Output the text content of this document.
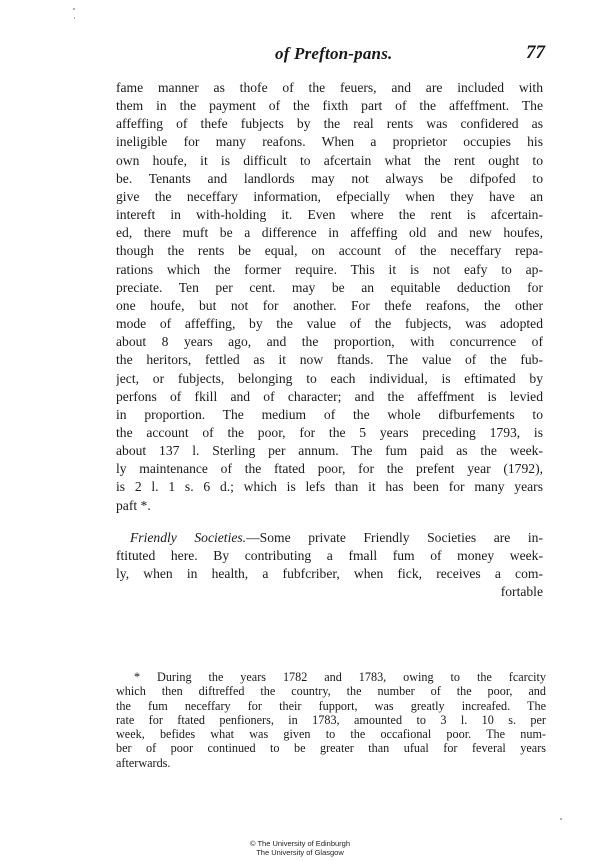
of Prefton-pans.	77
fame manner as thofe of the feuers, and are included with
them in the payment of the fixth part of the affeffment. The
affeffing of thefe fubjects by the real rents was confidered as
ineligible for many reafons. When a proprietor occupies his
own houfe, it is difficult to afcertain what the rent ought to
be. Tenants and landlords may not always be difpofed to
give the neceffary information, efpecially when they have an
intereft in with-holding it. Even where the rent is afcertain-
ed, there muft be a difference in affeffing old and new houfes,
though the rents be equal, on account of the neceffary repa-
rations which the former require. This it is not eafy to ap-
preciate. Ten per cent. may be an equitable deduction for
one houfe, but not for another. For thefe reafons, the other
mode of affeffing, by the value of the fubjects, was adopted
about 8 years ago, and the proportion, with concurrence of
the heritors, fettled as it now ftands. The value of the fub-
ject, or fubjects, belonging to each individual, is eftimated by
perfons of fkill and of character; and the affeffment is levied
in proportion. The medium of the whole difburfements to
the account of the poor, for the 5 years preceding 1793, is
about 137 l. Sterling per annum. The fum paid as the week-
ly maintenance of the ftated poor, for the prefent year (1792),
is 2 l. 1 s. 6 d.; which is lefs than it has been for many years
paft *.
Friendly Societies.—Some private Friendly Societies are in-
ftituted here. By contributing a fmall fum of money week-
ly, when in health, a fubfcriber, when fick, receives a com-
fortable
* During the years 1782 and 1783, owing to the fcarcity
which then diftreffed the country, the number of the poor, and
the fum neceffary for their fupport, was greatly increafed. The
rate for ftated penfioners, in 1783, amounted to 3 l. 10 s. per
week, befides what was given to the occafional poor. The num-
ber of poor continued to be greater than ufual for feveral years
afterwards.
© The University of Edinburgh
The University of Glasgow
